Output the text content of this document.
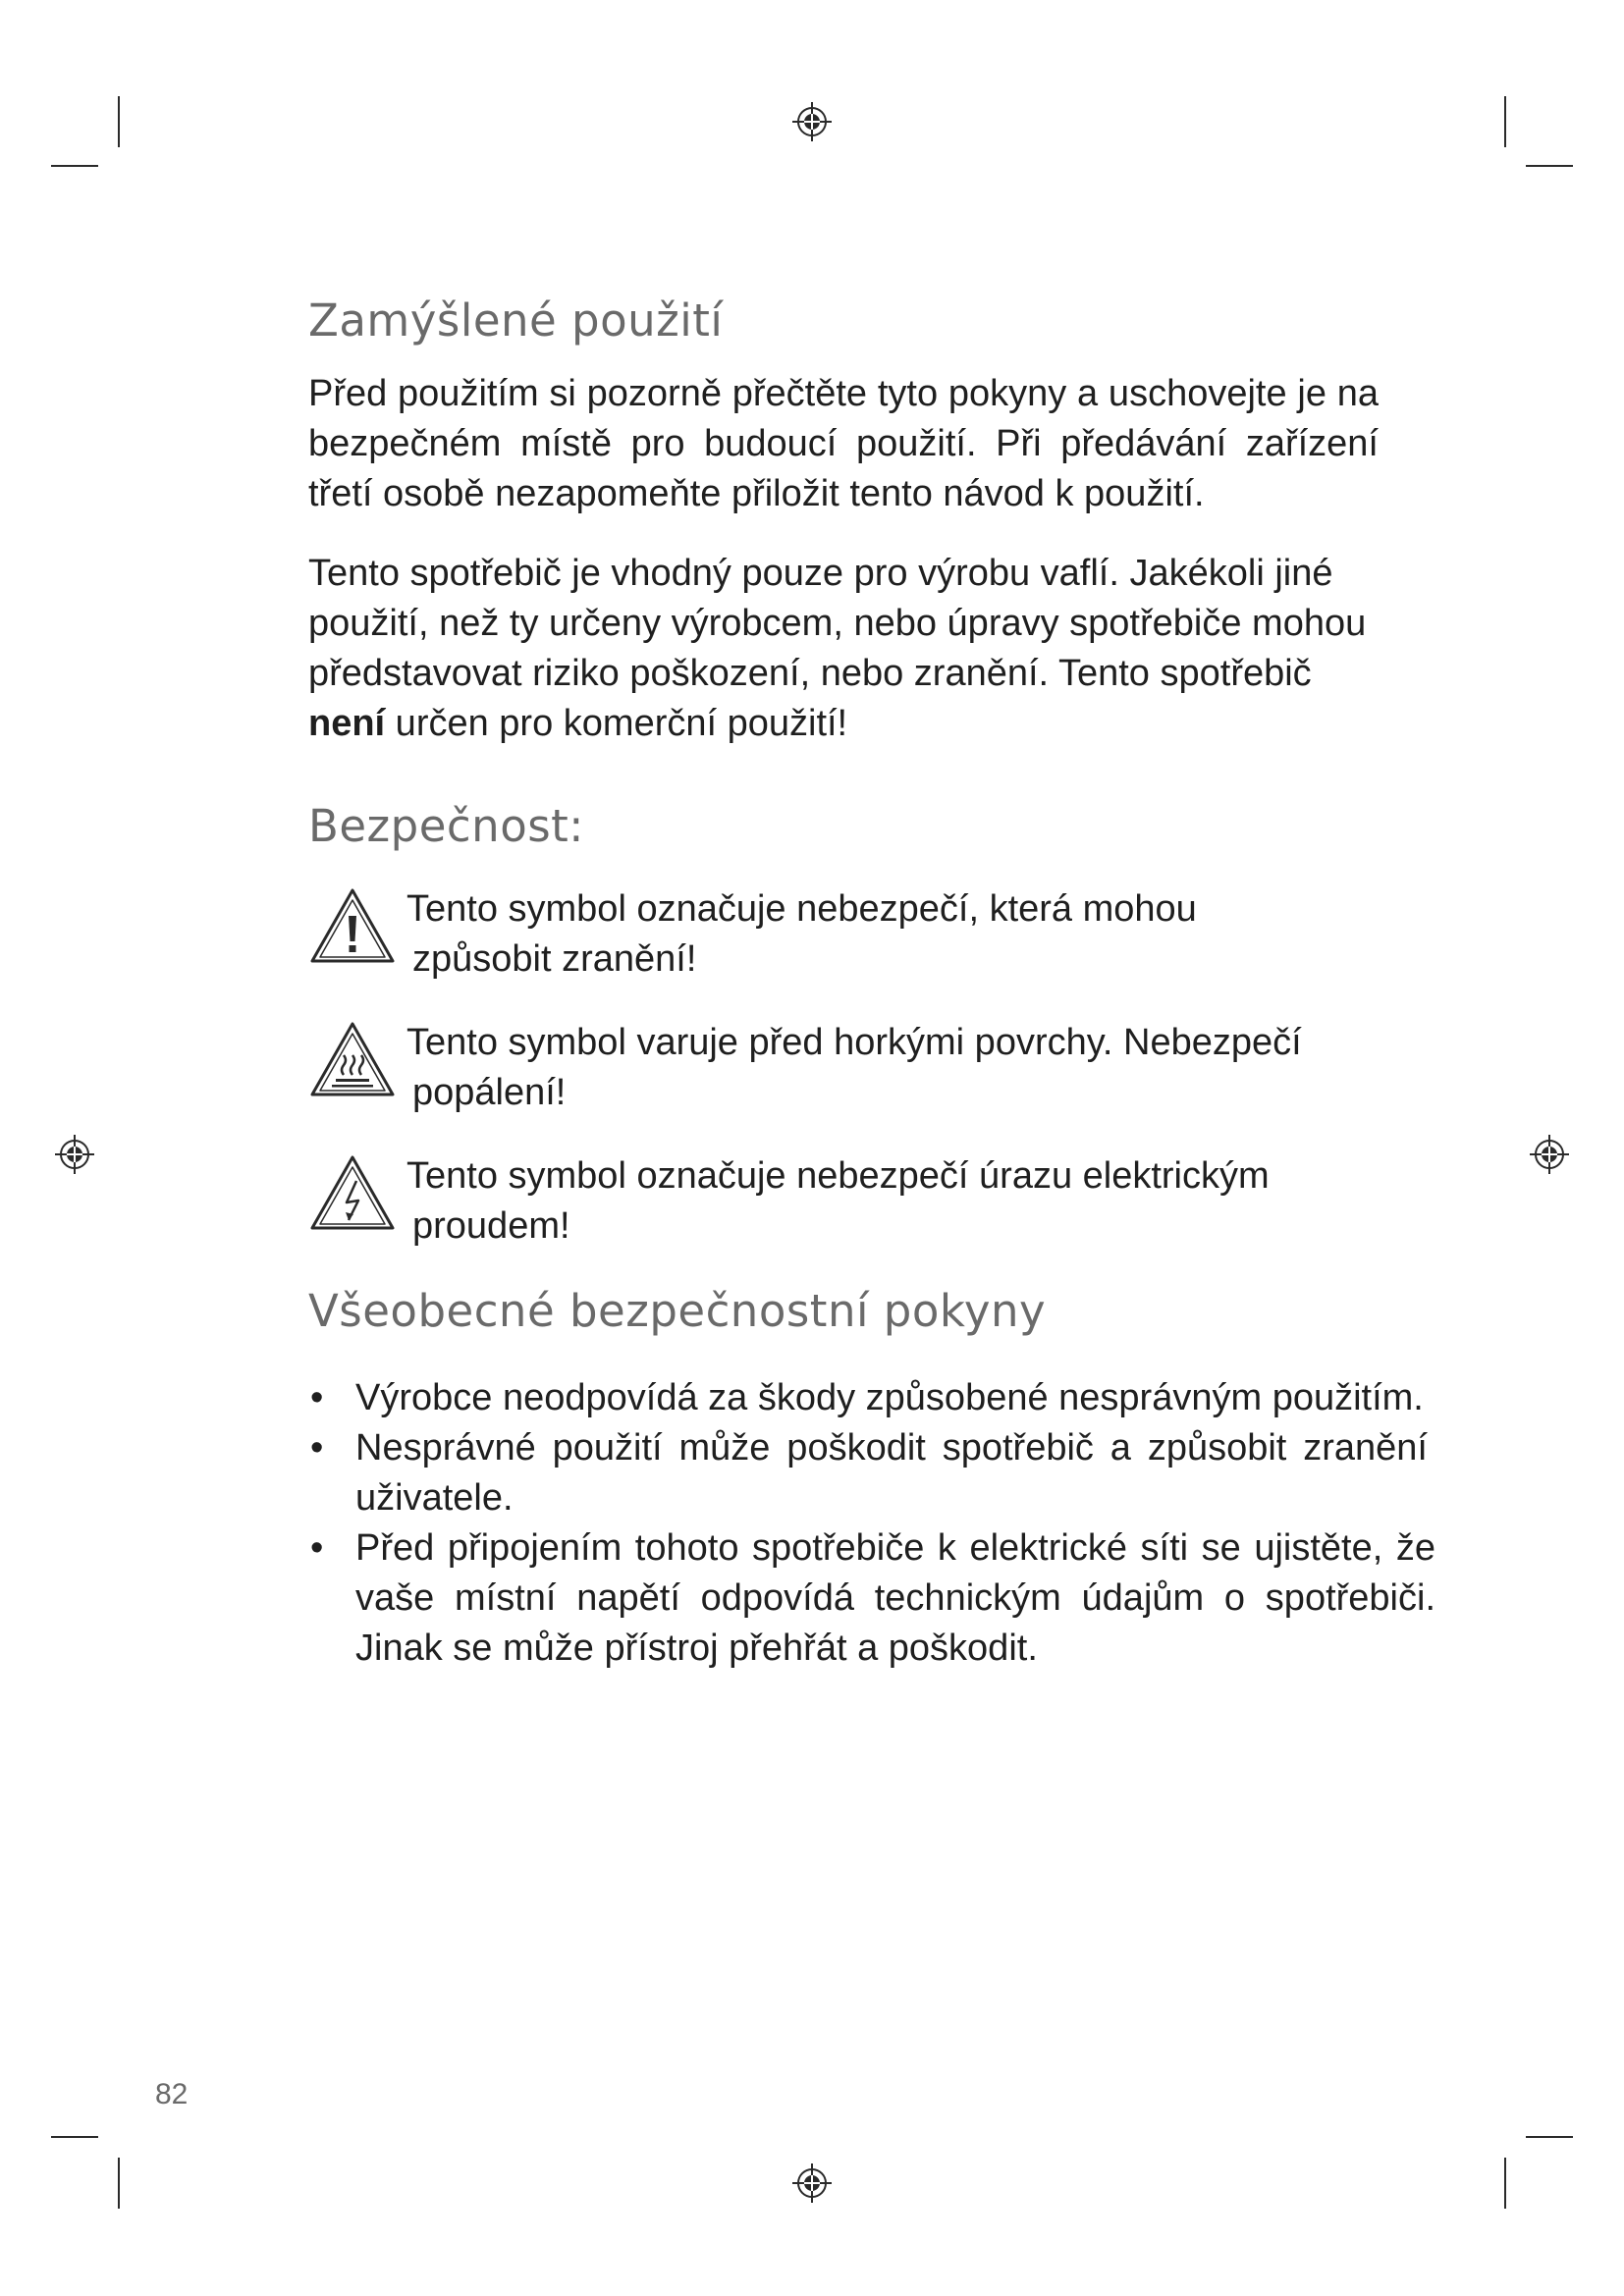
Zamýšlené použití

Před použitím si pozorně přečtěte tyto pokyny a uschovejte je na bezpečném místě pro budoucí použití. Při předávání zařízení třetí osobě nezapomeňte přiložit tento návod k použití.

Tento spotřebič je vhodný pouze pro výrobu vaflí. Jakékoli jiné použití, než ty určeny výrobcem, nebo úpravy spotřebiče mohou představovat riziko poškození, nebo zranění. Tento spotřebič není určen pro komerční použití!

Bezpečnost:
Tento symbol označuje nebezpečí, která mohou
způsobit zranění!
Tento symbol varuje před horkými povrchy. Nebezpečí
popálení!
Tento symbol označuje nebezpečí úrazu elektrickým
proudem!
Všeobecné bezpečnostní pokyny
• Výrobce neodpovídá za škody způsobené nesprávným použitím.
• Nesprávné použití může poškodit spotřebič a způsobit zranění uživatele.
• Před připojením tohoto spotřebiče k elektrické síti se ujistěte, že vaše místní napětí odpovídá technickým údajům o spotřebiči. Jinak se může přístroj přehřát a poškodit.
82
